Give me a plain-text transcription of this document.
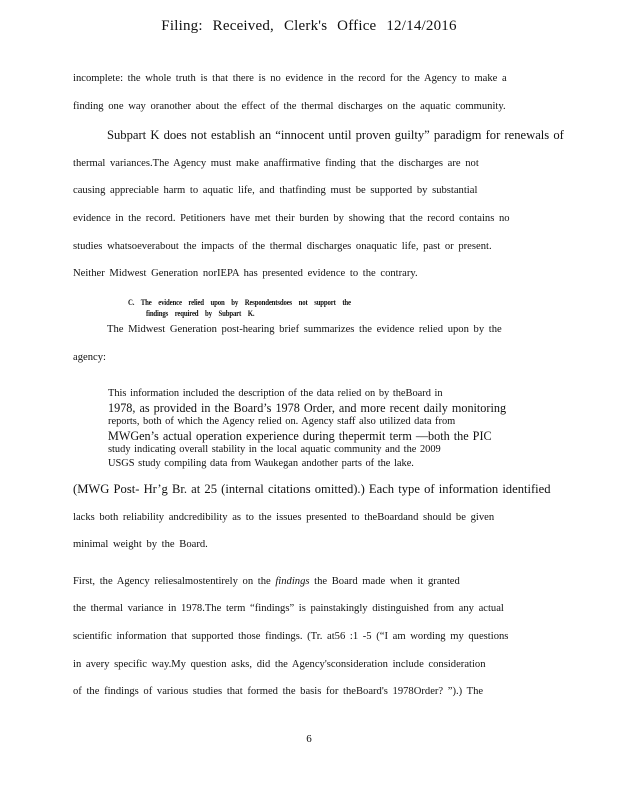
Filing: Received, Clerk's Office 12/14/2016
incomplete: the whole truth is that there is no evidence in the record for the Agency to make a
finding one way oranother about the effect of the thermal discharges on the aquatic community.
Subpart K does not establish an “innocent until proven guilty” paradigm for renewals of
thermal variances.The Agency must make anaffirmative finding that the discharges are not
causing appreciable harm to aquatic life, and thatfinding must be supported by substantial
evidence in the record. Petitioners have met their burden by showing that the record contains no
studies whatsoeverabout the impacts of the thermal discharges onaquatic life, past or present.
Neither Midwest Generation norIEPA has presented evidence to the contrary.
C. The evidence relied upon by Respondentsdoes not support the
findings required by Subpart K.
The Midwest Generation post-hearing brief summarizes the evidence relied upon by the
agency:
This information included the description of the data relied on by theBoard in
1978, as provided in the Board’s 1978 Order, and more recent daily monitoring
reports, both of which the Agency relied on. Agency staff also utilized data from
MWGen’s actual operation experience during thepermit term —both the PIC
study indicating overall stability in the local aquatic community and the 2009
USGS study compiling data from Waukegan andother parts of the lake.
(MWG Post- Hr’g Br. at 25 (internal citations omitted).) Each type of information identified
lacks both reliability andcredibility as to the issues presented to theBoardand should be given
minimal weight by the Board.
First, the Agency reliesalmostentirely on the findings the Board made when it granted
the thermal variance in 1978.The term “findings” is painstakingly distinguished from any actual
scientific information that supported those findings. (Tr. at56 :1 -5 (“I am wording my questions
in avery specific way.My question asks, did the Agency'sconsideration include consideration
of the findings of various studies that formed the basis for theBoard's 1978Order? ”).) The
6
